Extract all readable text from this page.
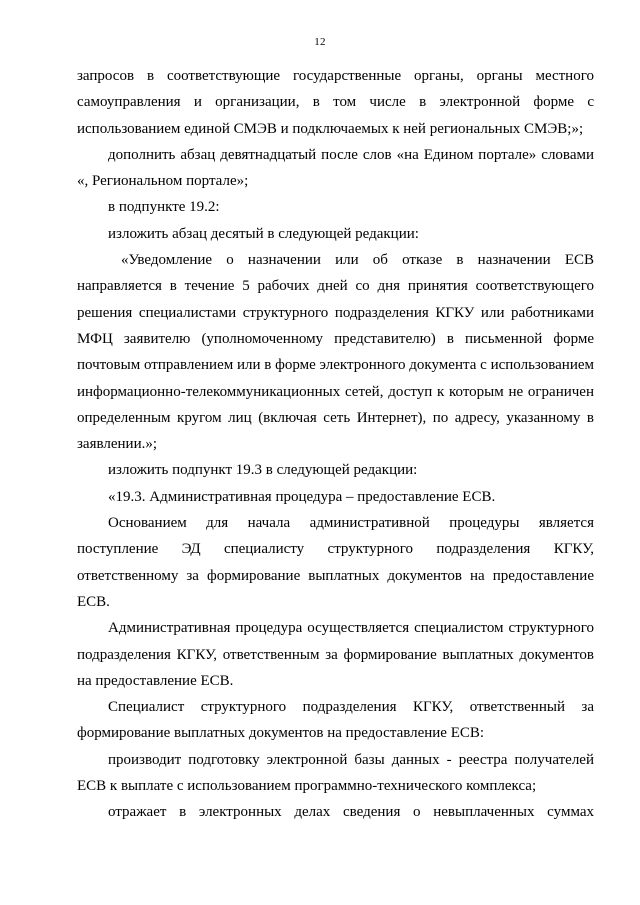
12

запросов в соответствующие государственные органы, органы местного самоуправления и организации, в том числе в электронной форме с использованием единой СМЭВ и подключаемых к ней региональных СМЭВ;»;

дополнить абзац девятнадцатый после слов «на Едином портале» словами «, Региональном портале»;

в подпункте 19.2:

изложить абзац десятый в следующей редакции:

«Уведомление о назначении или об отказе в назначении ЕСВ направляется в течение 5 рабочих дней со дня принятия соответствующего решения специалистами структурного подразделения КГКУ или работниками МФЦ заявителю (уполномоченному представителю) в письменной форме почтовым отправлением или в форме электронного документа с использованием информационно-телекоммуникационных сетей, доступ к которым не ограничен определенным кругом лиц (включая сеть Интернет), по адресу, указанному в заявлении.»;

изложить подпункт 19.3 в следующей редакции:

«19.3. Административная процедура – предоставление ЕСВ.

Основанием для начала административной процедуры является поступление ЭД специалисту структурного подразделения КГКУ, ответственному за формирование выплатных документов на предоставление ЕСВ.

Административная процедура осуществляется специалистом структурного подразделения КГКУ, ответственным за формирование выплатных документов на предоставление ЕСВ.

Специалист структурного подразделения КГКУ, ответственный за формирование выплатных документов на предоставление ЕСВ:

производит подготовку электронной базы данных - реестра получателей ЕСВ к выплате с использованием программно-технического комплекса;

отражает в электронных делах сведения о невыплаченных суммах
